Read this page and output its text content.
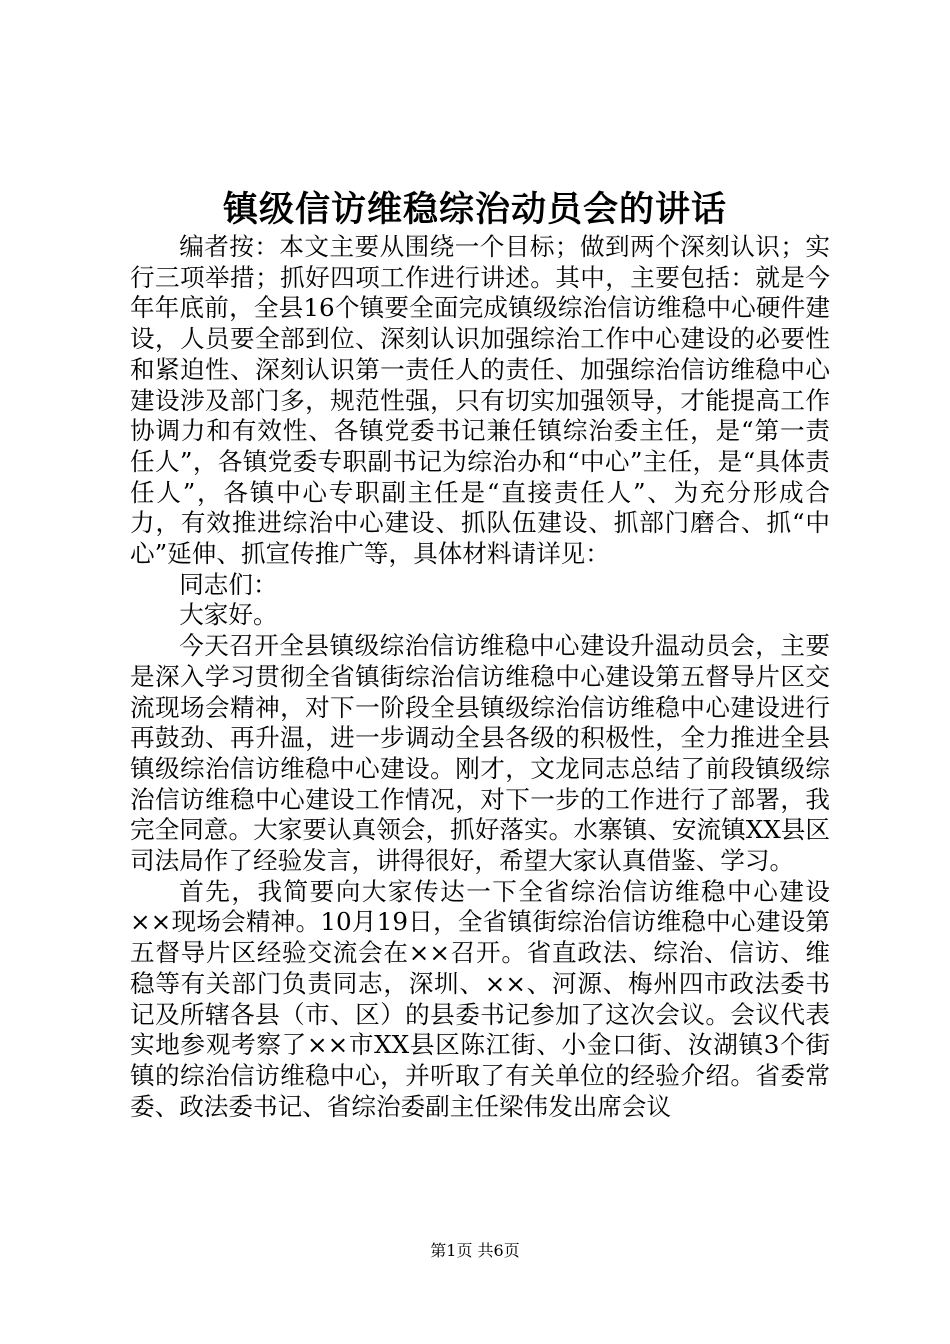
镇级信访维稳综治动员会的讲话

编者按：本文主要从围绕一个目标；做到两个深刻认识；实行三项举措；抓好四项工作进行讲述。其中，主要包括：就是今年年底前，全县16个镇要全面完成镇级综治信访维稳中心硬件建设，人员要全部到位、深刻认识加强综治工作中心建设的必要性和紧迫性、深刻认识第一责任人的责任、加强综治信访维稳中心建设涉及部门多，规范性强，只有切实加强领导，才能提高工作协调力和有效性、各镇党委书记兼任镇综治委主任，是“第一责任人”，各镇党委专职副书记为综治办和“中心”主任，是“具体责任人”，各镇中心专职副主任是“直接责任人”、为充分形成合力，有效推进综治中心建设、抓队伍建设、抓部门磨合、抓“中心”延伸、抓宣传推广等，具体材料请详见：

同志们：

大家好。

今天召开全县镇级综治信访维稳中心建设升温动员会，主要是深入学习贯彻全省镇街综治信访维稳中心建设第五督导片区交流现场会精神，对下一阶段全县镇级综治信访维稳中心建设进行再鼓劲、再升温，进一步调动全县各级的积极性，全力推进全县镇级综治信访维稳中心建设。刚才，文龙同志总结了前段镇级综治信访维稳中心建设工作情况，对下一步的工作进行了部署，我完全同意。大家要认真领会，抓好落实。水寨镇、安流镇XX县区司法局作了经验发言，讲得很好，希望大家认真借鉴、学习。

首先，我简要向大家传达一下全省综治信访维稳中心建设××现场会精神。10月19日，全省镇街综治信访维稳中心建设第五督导片区经验交流会在××召开。省直政法、综治、信访、维稳等有关部门负责同志，深圳、××、河源、梅州四市政法委书记及所辖各县（市、区）的县委书记参加了这次会议。会议代表实地参观考察了××市XX县区陈江街、小金口街、汝湖镇3个街镇的综治信访维稳中心，并听取了有关单位的经验介绍。省委常委、政法委书记、省综治委副主任梁伟发出席会议

第1页 共6页
